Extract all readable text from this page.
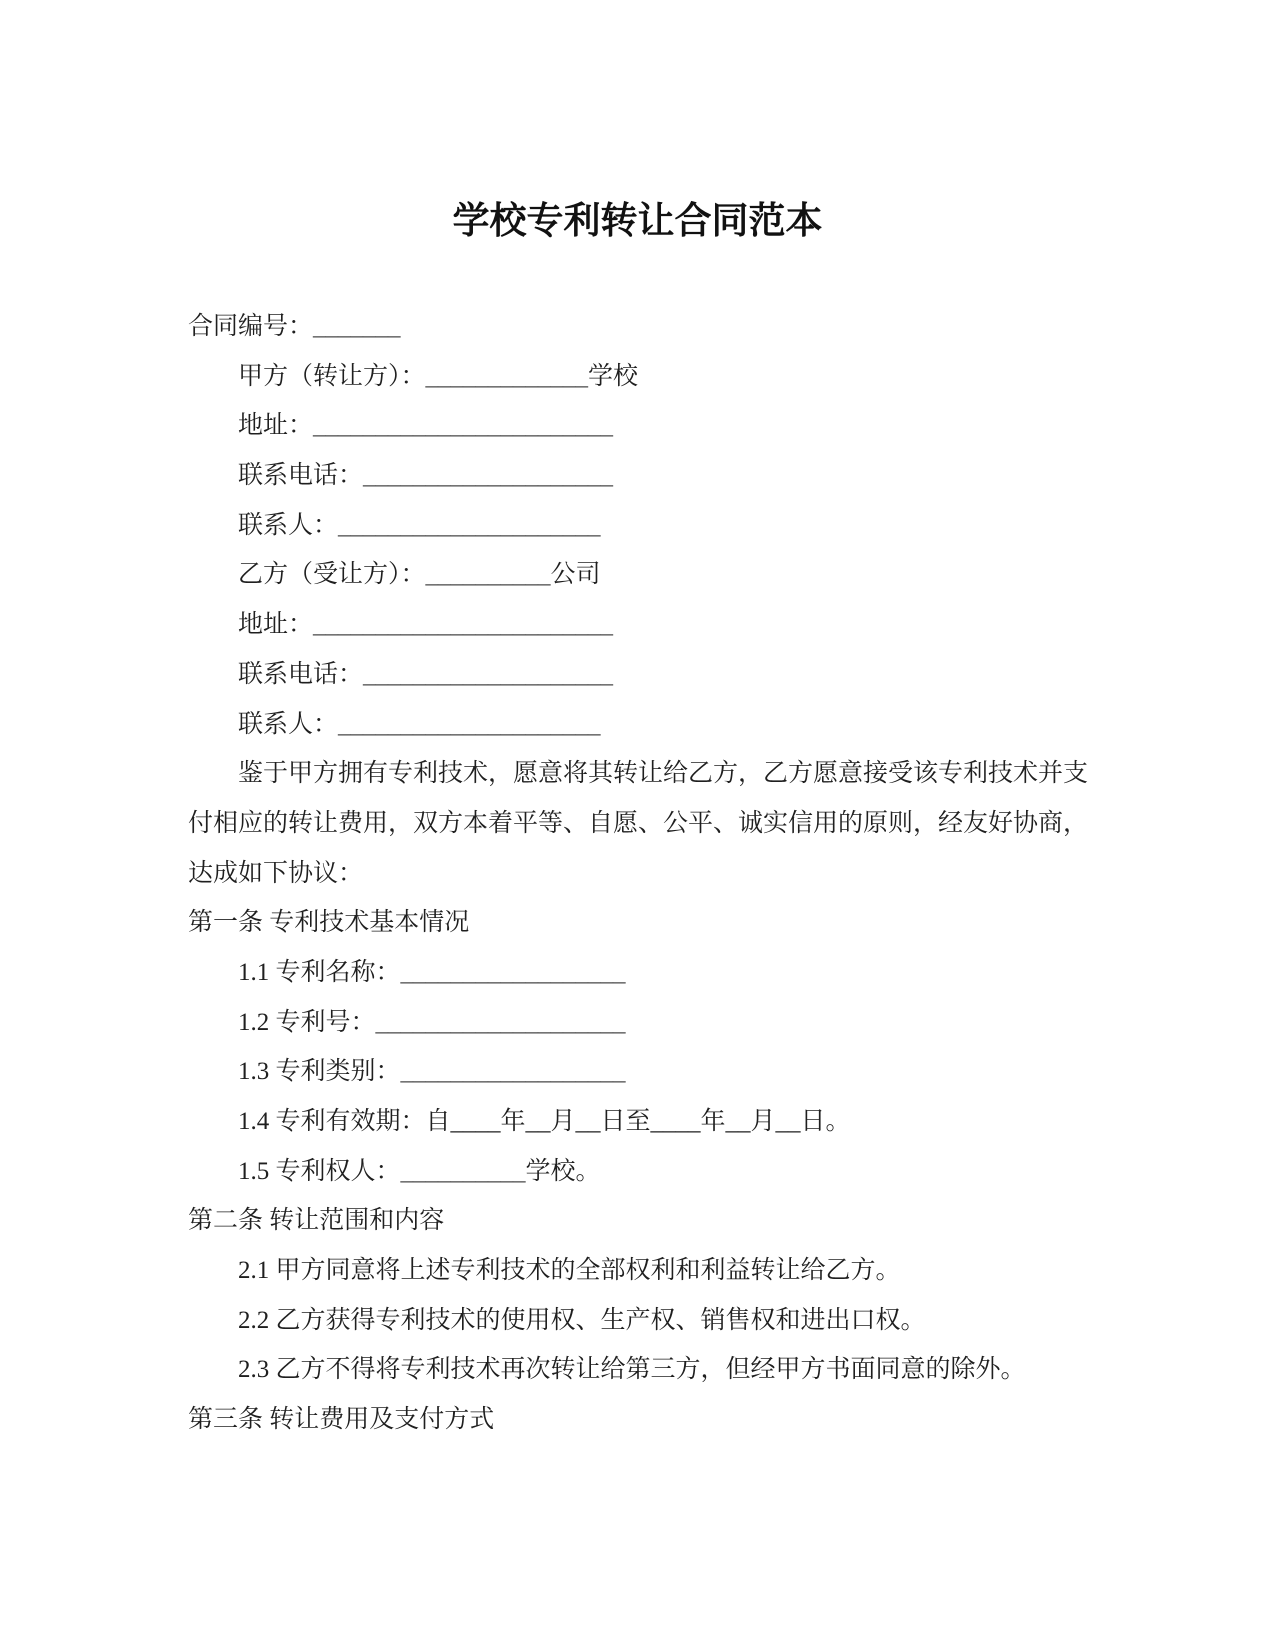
学校专利转让合同范本
合同编号：_______
甲方（转让方）：_____________学校
地址：________________________
联系电话：____________________
联系人：_____________________
乙方（受让方）：__________公司
地址：________________________
联系电话：____________________
联系人：_____________________
鉴于甲方拥有专利技术，愿意将其转让给乙方，乙方愿意接受该专利技术并支
付相应的转让费用，双方本着平等、自愿、公平、诚实信用的原则，经友好协商，
达成如下协议：
第一条 专利技术基本情况
1.1 专利名称：__________________
1.2 专利号：____________________
1.3 专利类别：__________________
1.4 专利有效期：自____年__月__日至____年__月__日。
1.5 专利权人：__________学校。
第二条 转让范围和内容
2.1 甲方同意将上述专利技术的全部权利和利益转让给乙方。
2.2 乙方获得专利技术的使用权、生产权、销售权和进出口权。
2.3 乙方不得将专利技术再次转让给第三方，但经甲方书面同意的除外。
第三条 转让费用及支付方式
